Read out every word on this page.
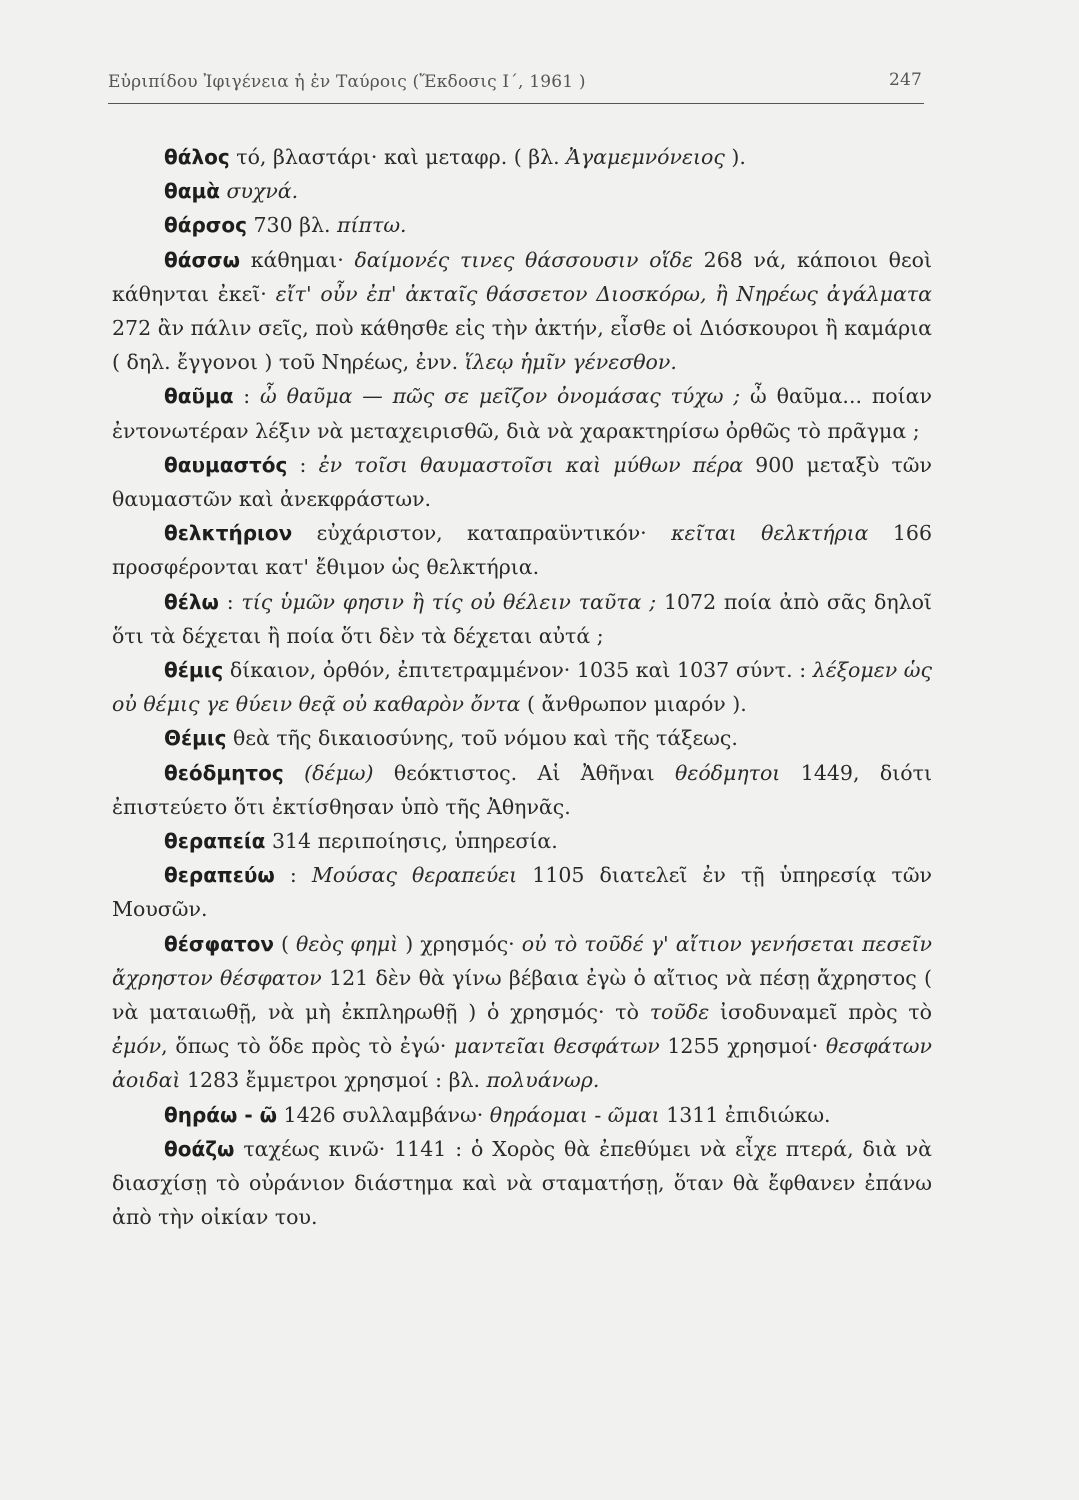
Εὐριπίδου Ἰφιγένεια ἡ ἐν Ταύροις (Ἔκδοσις Ι΄, 1961 )	247
θάλος τό, βλαστάρι· καὶ μεταφρ. ( βλ. Ἀγαμεμνόνειος ).
θαμὰ συχνά.
θάρσος 730 βλ. πίπτω.
θάσσω κάθημαι· δαίμονές τινες θάσσουσιν οἵδε 268 νά, κάποιοι θεοὶ κάθηνται ἐκεῖ· εἴτ' οὖν ἐπ' ἀκταῖς θάσσετον Διοσκόρω, ἢ Νηρέως ἀγάλματα 272 ἂν πάλιν σεῖς, ποὺ κάθησθε εἰς τὴν ἀκτήν, εἶσθε οἱ Διόσκουροι ἢ καμάρια ( δηλ. ἔγγονοι ) τοῦ Νηρέως, ἐνν. ἵλεῳ ἡμῖν γένεσθον.
θαῦμα : ὦ θαῦμα — πῶς σε μεῖζον ὀνομάσας τύχω ; ὦ θαῦμα... ποίαν ἐντονωτέραν λέξιν νὰ μεταχειρισθῶ, διὰ νὰ χαρακτηρίσω ὀρθῶς τὸ πρᾶγμα ;
θαυμαστός : ἐν τοῖσι θαυμαστοῖσι καὶ μύθων πέρα 900 μεταξὺ τῶν θαυμαστῶν καὶ ἀνεκφράστων.
θελκτήριον εὐχάριστον, καταπραϋντικόν· κεῖται θελκτήρια 166 προσφέρονται κατ' ἔθιμον ὡς θελκτήρια.
θέλω : τίς ὑμῶν φησιν ἢ τίς οὐ θέλειν ταῦτα ; 1072 ποία ἀπὸ σᾶς δηλοῖ ὅτι τὰ δέχεται ἢ ποία ὅτι δὲν τὰ δέχεται αὐτά ;
θέμις δίκαιον, ὀρθόν, ἐπιτετραμμένον· 1035 καὶ 1037 σύντ. : λέξομεν ὡς οὐ θέμις γε θύειν θεᾷ οὐ καθαρὸν ὄντα ( ἄνθρωπον μιαρόν ).
Θέμις θεὰ τῆς δικαιοσύνης, τοῦ νόμου καὶ τῆς τάξεως.
θεόδμητος (δέμω) θεόκτιστος. Αἱ Ἀθῆναι θεόδμητοι 1449, διότι ἐπιστεύετο ὅτι ἐκτίσθησαν ὑπὸ τῆς Ἀθηνᾶς.
θεραπεία 314 περιποίησις, ὑπηρεσία.
θεραπεύω : Μούσας θεραπεύει 1105 διατελεῖ ἐν τῇ ὑπηρεσίᾳ τῶν Μουσῶν.
θέσφατον ( θεὸς φημὶ ) χρησμός· οὐ τὸ τοῦδέ γ' αἴτιον γενήσεται πεσεῖν ἄχρηστον θέσφατον 121 δὲν θὰ γίνω βέβαια ἐγὼ ὁ αἴτιος νὰ πέσῃ ἄχρηστος ( νὰ ματαιωθῇ, νὰ μὴ ἐκπληρωθῇ ) ὁ χρησμός· τὸ τοῦδε ἰσοδυναμεῖ πρὸς τὸ ἐμόν, ὅπως τὸ ὅδε πρὸς τὸ ἐγώ· μαντεῖαι θεσφάτων 1255 χρησμοί· θεσφάτων ἀοιδαὶ 1283 ἔμμετροι χρησμοί : βλ. πολυάνωρ.
θηράω - ῶ 1426 συλλαμβάνω· θηράομαι - ῶμαι 1311 ἐπιδιώκω.
θοάζω ταχέως κινῶ· 1141 : ὁ Χορὸς θὰ ἐπεθύμει νὰ εἶχε πτερά, διὰ νὰ διασχίσῃ τὸ οὐράνιον διάστημα καὶ νὰ σταματήσῃ, ὅταν θὰ ἔφθανεν ἐπάνω ἀπὸ τὴν οἰκίαν του.
